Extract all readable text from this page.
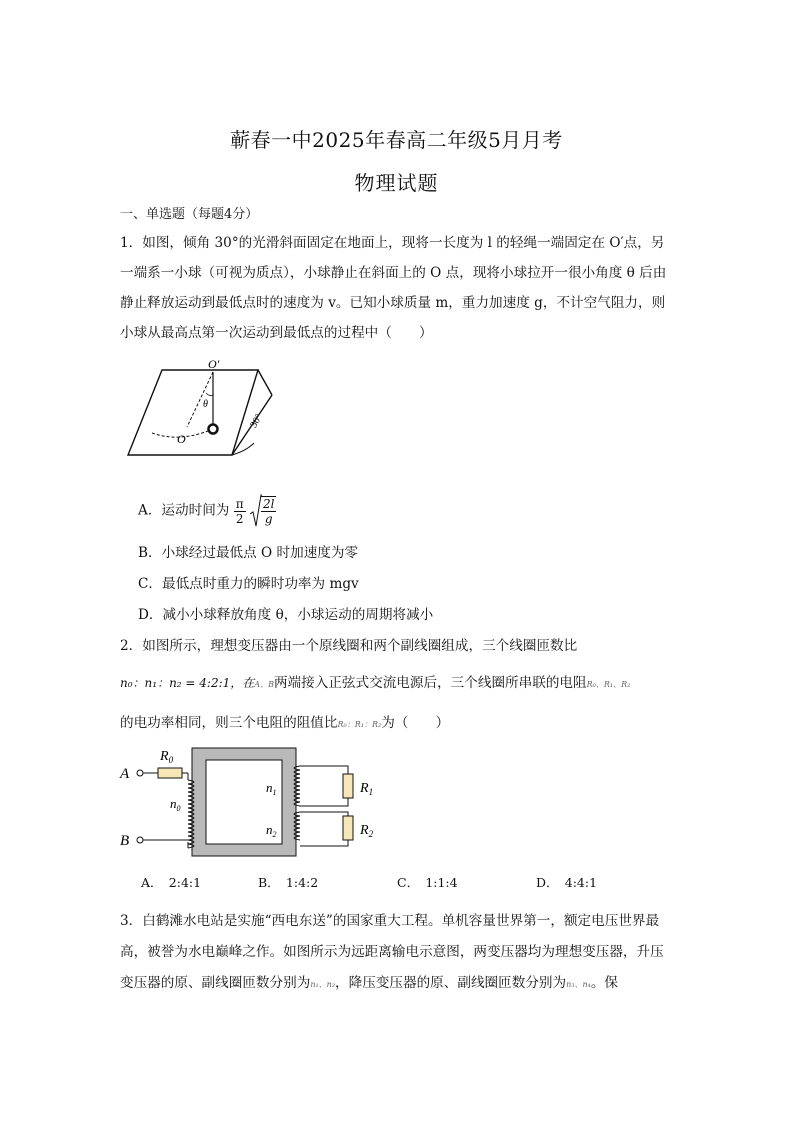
蕲春一中2025年春高二年级5月月考
物理试题
一、单选题（每题4分）
1．如图，倾角 30°的光滑斜面固定在地面上，现将一长度为 l 的轻绳一端固定在 O′点，另
一端系一小球（可视为质点），小球静止在斜面上的 O 点，现将小球拉开一很小角度 θ 后由
静止释放运动到最低点时的速度为 v。已知小球质量 m，重力加速度 g，不计空气阻力，则
小球从最高点第一次运动到最低点的过程中（　　）
O′
θ
O
30°
A．运动时间为 $\frac{\pi}{2}$
$\frac{2l}{g}$
B．小球经过最低点 O 时加速度为零
C．最低点时重力的瞬时功率为 mgv
D．减小小球释放角度 θ，小球运动的周期将减小
2．如图所示，理想变压器由一个原线圈和两个副线圈组成，三个线圈匝数比
n₀：n₁：n₂ = 4:2:1，在A、B两端接入正弦式交流电源后，三个线圈所串联的电阻R₀、R₁、R₂
的电功率相同，则三个电阻的阻值比R₀：R₁：R₂为（　　）
A
$R_0$
$n_0$
B
$n_1$	$R_1$
$n_2$	$R_2$
A．　2:4:1	B．　1:4:2	C．　1:1:4	D．　4:4:1
3．白鹤滩水电站是实施“西电东送”的国家重大工程。单机容量世界第一，额定电压世界最
高，被誉为水电巅峰之作。如图所示为远距离输电示意图，两变压器均为理想变压器，升压
变压器的原、副线圈匝数分别为n₁、n₂，降压变压器的原、副线圈匝数分别为n₃、n₄。保
